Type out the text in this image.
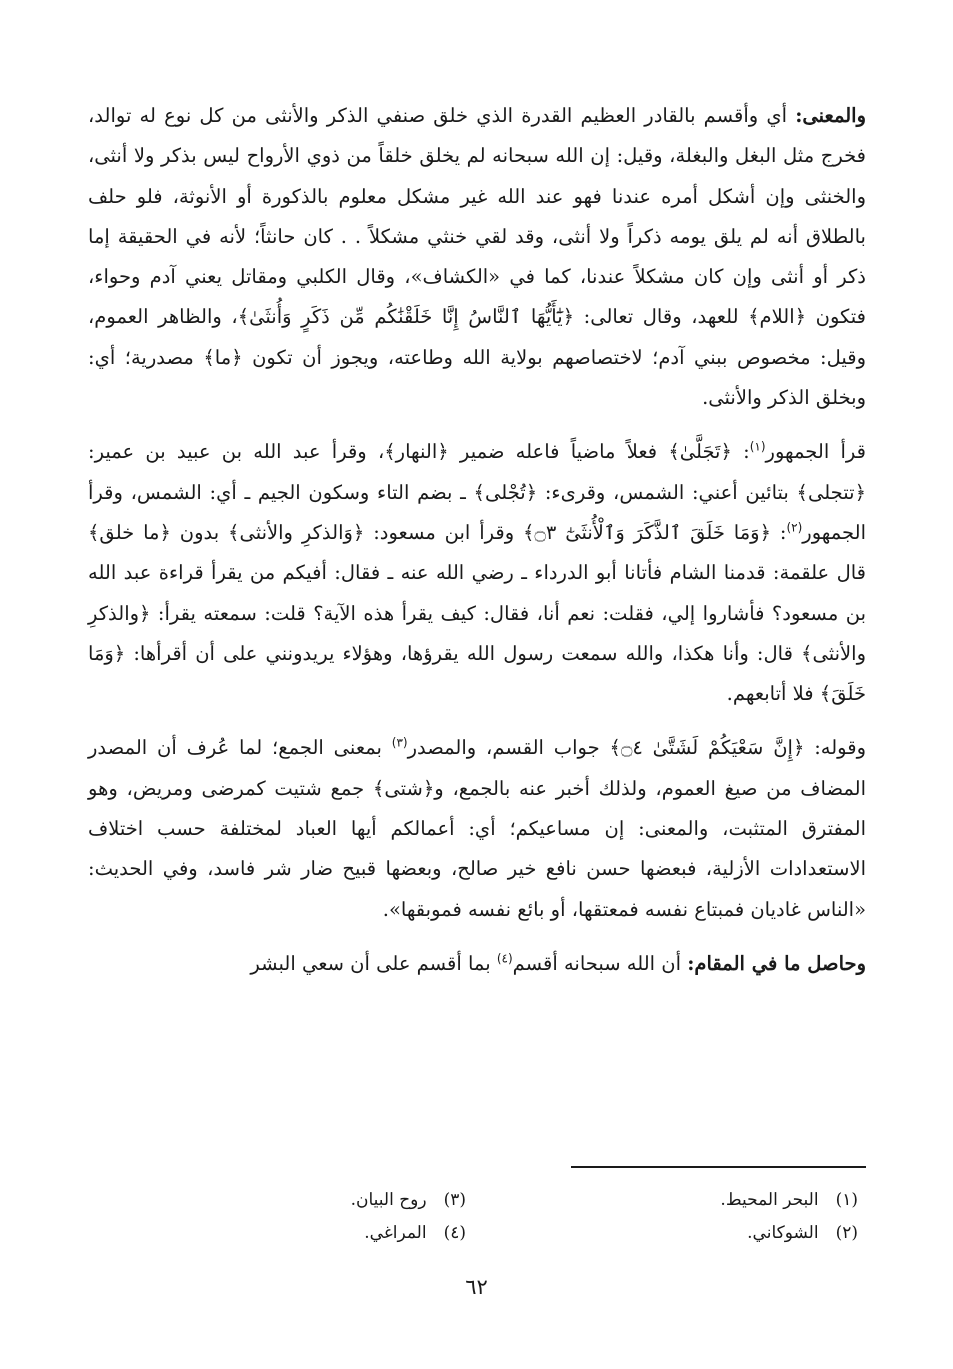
والمعنى: أي وأقسم بالقادر العظيم القدرة الذي خلق صنفي الذكر والأنثى من كل نوع له توالد، فخرج مثل البغل والبغلة، وقيل: إن الله سبحانه لم يخلق خلقاً من ذوي الأرواح ليس بذكر ولا أنثى، والخنثى وإن أشكل أمره عندنا فهو عند الله غير مشكل معلوم بالذكورة أو الأنوثة، فلو حلف بالطلاق أنه لم يلق يومه ذكراً ولا أنثى، وقد لقي خنثي مشكلاً . . كان حانثاً؛ لأنه في الحقيقة إما ذكر أو أنثى وإن كان مشكلاً عندنا، كما في «الكشاف»، وقال الكلبي ومقاتل يعني آدم وحواء، فتكون ﴿اللام﴾ للعهد، وقال تعالى: ﴿يَٰٓأَيُّهَا ٱلنَّاسُ إِنَّا خَلَقْنَٰكُم مِّن ذَكَرٍ وَأُنثَىٰ﴾، والظاهر العموم، وقيل: مخصوص ببني آدم؛ لاختصاصهم بولاية الله وطاعته، ويجوز أن تكون ﴿ما﴾ مصدرية؛ أي: وبخلق الذكر والأنثى.

قرأ الجمهور$^{(١)}$: ﴿تَجَلَّىٰ﴾ فعلاً ماضياً فاعله ضمير ﴿النهار﴾، وقرأ عبد الله بن عبيد بن عمير: ﴿تتجلى﴾ بتائين أعني: الشمس، وقرىء: ﴿تُجْلى﴾ ـ بضم التاء وسكون الجيم ـ أي: الشمس، وقرأ الجمهور$^{(٢)}$: ﴿وَمَا خَلَقَ ٱلذَّكَرَ وَٱلْأُنثَىٰٓ ۝٣﴾ وقرأ ابن مسعود: ﴿وَالذكرِ والأنثى﴾ بدون ﴿ما خلق﴾ قال علقمة: قدمنا الشام فأتانا أبو الدرداء ـ رضي الله عنه ـ فقال: أفيكم من يقرأ قراءة عبد الله بن مسعود؟ فأشاروا إلي، فقلت: نعم أنا، فقال: كيف يقرأ هذه الآية؟ قلت: سمعته يقرأ: ﴿والذكرِ والأنثى﴾ قال: وأنا هكذا، والله سمعت رسول الله يقرؤها، وهؤلاء يريدونني على أن أقرأها: ﴿وَمَا خَلَقَ﴾ فلا أتابعهم.

وقوله: ﴿إِنَّ سَعْيَكُمْ لَشَتَّىٰ ۝٤﴾ جواب القسم، والمصدر$^{(٣)}$ بمعنى الجمع؛ لما عُرف أن المصدر المضاف من صيغ العموم، ولذلك أخبر عنه بالجمع، و﴿شتى﴾ جمع شتيت كمرضى ومريض، وهو المفترق المتثبت، والمعنى: إن مساعيكم؛ أي: أعمالكم أيها العباد لمختلفة حسب اختلاف الاستعدادات الأزلية، فبعضها حسن نافع خير صالح، وبعضها قبيح ضار شر فاسد، وفي الحديث: «الناس غاديان فمبتاع نفسه فمعتقها، أو بائع نفسه فموبقها».

وحاصل ما في المقام: أن الله سبحانه أقسم$^{(٤)}$ بما أقسم على أن سعي البشر

(١) البحر المحيط.
(٢) الشوكاني.
(٣) روح البيان.
(٤) المراغي.
٦٢
